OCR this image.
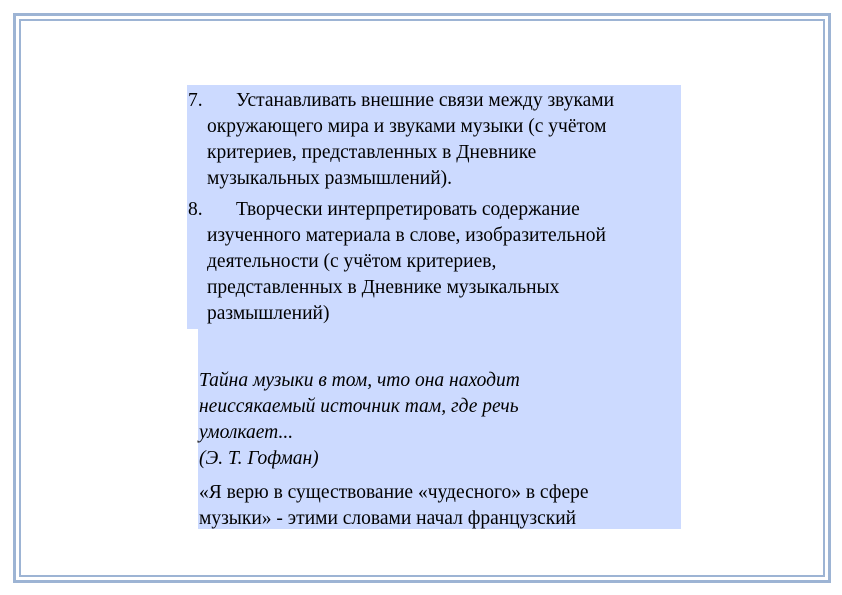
7.	Устанавливать внешние связи между звуками
окружающего мира и звуками музыки (с учётом
критериев, представленных в Дневнике
музыкальных размышлений).
8.	Творчески интерпретировать содержание
изученного материала в слове, изобразительной
деятельности (с учётом критериев,
представленных в Дневнике музыкальных
размышлений)
Тайна музыки в том, что она находит
неиссякаемый источник там, где речь
умолкает...
(Э. Т. Гофман)
«Я верю в существование «чудесного» в сфере
музыки» - этими словами начал французский
